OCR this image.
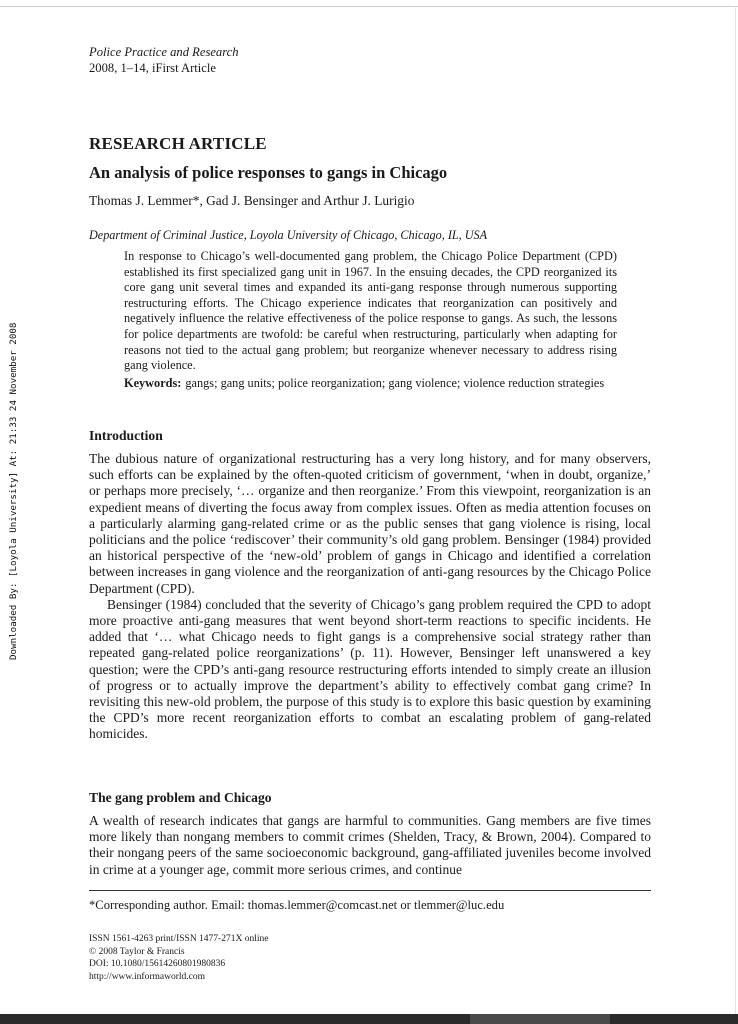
Downloaded By: [Loyola University] At: 21:33 24 November 2008
Police Practice and Research
2008, 1–14, iFirst Article
RESEARCH ARTICLE
An analysis of police responses to gangs in Chicago
Thomas J. Lemmer*, Gad J. Bensinger and Arthur J. Lurigio
Department of Criminal Justice, Loyola University of Chicago, Chicago, IL, USA

In response to Chicago’s well-documented gang problem, the Chicago Police Department (CPD) established its first specialized gang unit in 1967. In the ensuing decades, the CPD reorganized its core gang unit several times and expanded its anti-gang response through numerous supporting restructuring efforts. The Chicago experience indicates that reorganization can positively and negatively influence the relative effectiveness of the police response to gangs. As such, the lessons for police departments are twofold: be careful when restructuring, particularly when adapting for reasons not tied to the actual gang problem; but reorganize whenever necessary to address rising gang violence.

Keywords: gangs; gang units; police reorganization; gang violence; violence reduction strategies

Introduction

The dubious nature of organizational restructuring has a very long history, and for many observers, such efforts can be explained by the often-quoted criticism of government, ‘when in doubt, organize,’ or perhaps more precisely, ‘… organize and then reorganize.’ From this viewpoint, reorganization is an expedient means of diverting the focus away from complex issues. Often as media attention focuses on a particularly alarming gang-related crime or as the public senses that gang violence is rising, local politicians and the police ‘rediscover’ their community’s old gang problem. Bensinger (1984) provided an historical perspective of the ‘new-old’ problem of gangs in Chicago and identified a correlation between increases in gang violence and the reorganization of anti-gang resources by the Chicago Police Department (CPD).

Bensinger (1984) concluded that the severity of Chicago’s gang problem required the CPD to adopt more proactive anti-gang measures that went beyond short-term reactions to specific incidents. He added that ‘… what Chicago needs to fight gangs is a comprehensive social strategy rather than repeated gang-related police reorganizations’ (p. 11). However, Bensinger left unanswered a key question; were the CPD’s anti-gang resource restructuring efforts intended to simply create an illusion of progress or to actually improve the department’s ability to effectively combat gang crime? In revisiting this new-old problem, the purpose of this study is to explore this basic question by examining the CPD’s more recent reorganization efforts to combat an escalating problem of gang-related homicides.

The gang problem and Chicago

A wealth of research indicates that gangs are harmful to communities. Gang members are five times more likely than nongang members to commit crimes (Shelden, Tracy, & Brown, 2004). Compared to their nongang peers of the same socioeconomic background, gang-affiliated juveniles become involved in crime at a younger age, commit more serious crimes, and continue

*Corresponding author. Email: thomas.lemmer@comcast.net or tlemmer@luc.edu
ISSN 1561-4263 print/ISSN 1477-271X online
© 2008 Taylor & Francis
DOI: 10.1080/15614260801980836
http://www.informaworld.com
